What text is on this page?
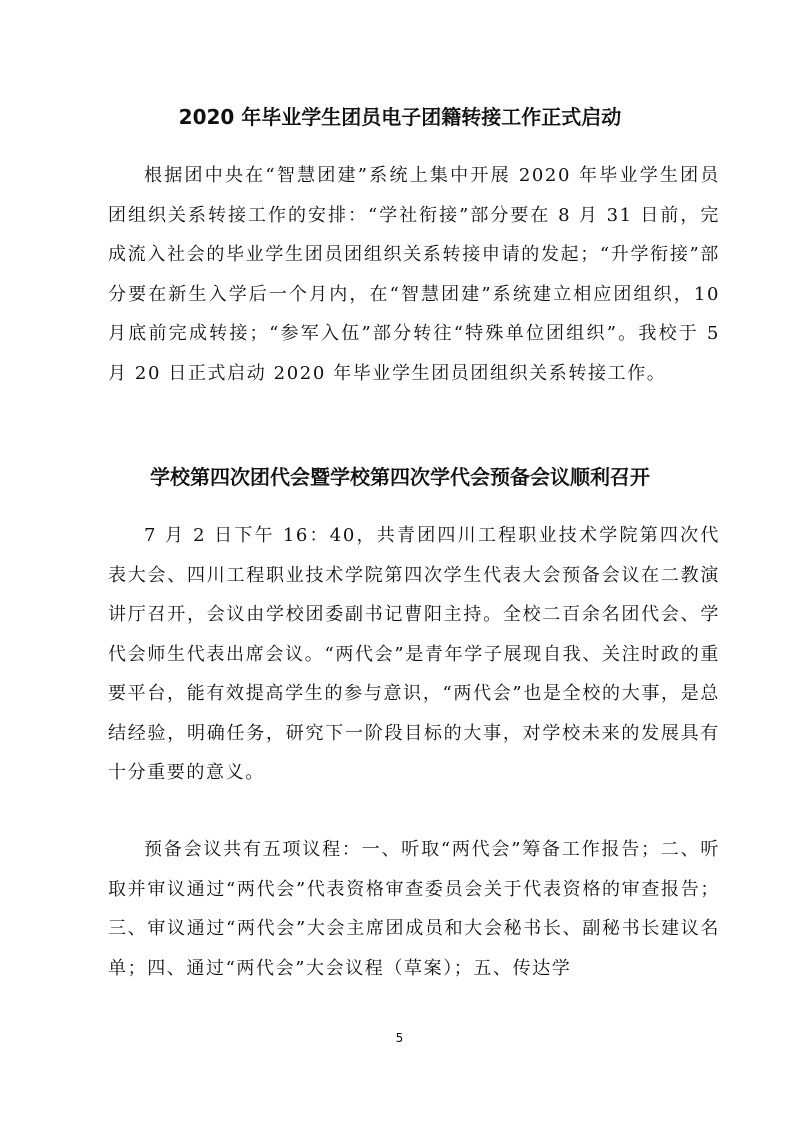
2020 年毕业学生团员电子团籍转接工作正式启动

根据团中央在“智慧团建”系统上集中开展 2020 年毕业学生团员团组织关系转接工作的安排：“学社衔接”部分要在 8 月 31 日前，完成流入社会的毕业学生团员团组织关系转接申请的发起；“升学衔接”部分要在新生入学后一个月内，在“智慧团建”系统建立相应团组织，10 月底前完成转接；“参军入伍”部分转往“特殊单位团组织”。我校于 5 月 20 日正式启动 2020 年毕业学生团员团组织关系转接工作。

学校第四次团代会暨学校第四次学代会预备会议顺利召开

7 月 2 日下午 16：40，共青团四川工程职业技术学院第四次代表大会、四川工程职业技术学院第四次学生代表大会预备会议在二教演讲厅召开，会议由学校团委副书记曹阳主持。全校二百余名团代会、学代会师生代表出席会议。“两代会”是青年学子展现自我、关注时政的重要平台，能有效提高学生的参与意识，“两代会”也是全校的大事，是总结经验，明确任务，研究下一阶段目标的大事，对学校未来的发展具有十分重要的意义。

预备会议共有五项议程：一、听取“两代会”筹备工作报告；二、听取并审议通过“两代会”代表资格审查委员会关于代表资格的审查报告；三、审议通过“两代会”大会主席团成员和大会秘书长、副秘书长建议名单；四、通过“两代会”大会议程（草案）；五、传达学

5
